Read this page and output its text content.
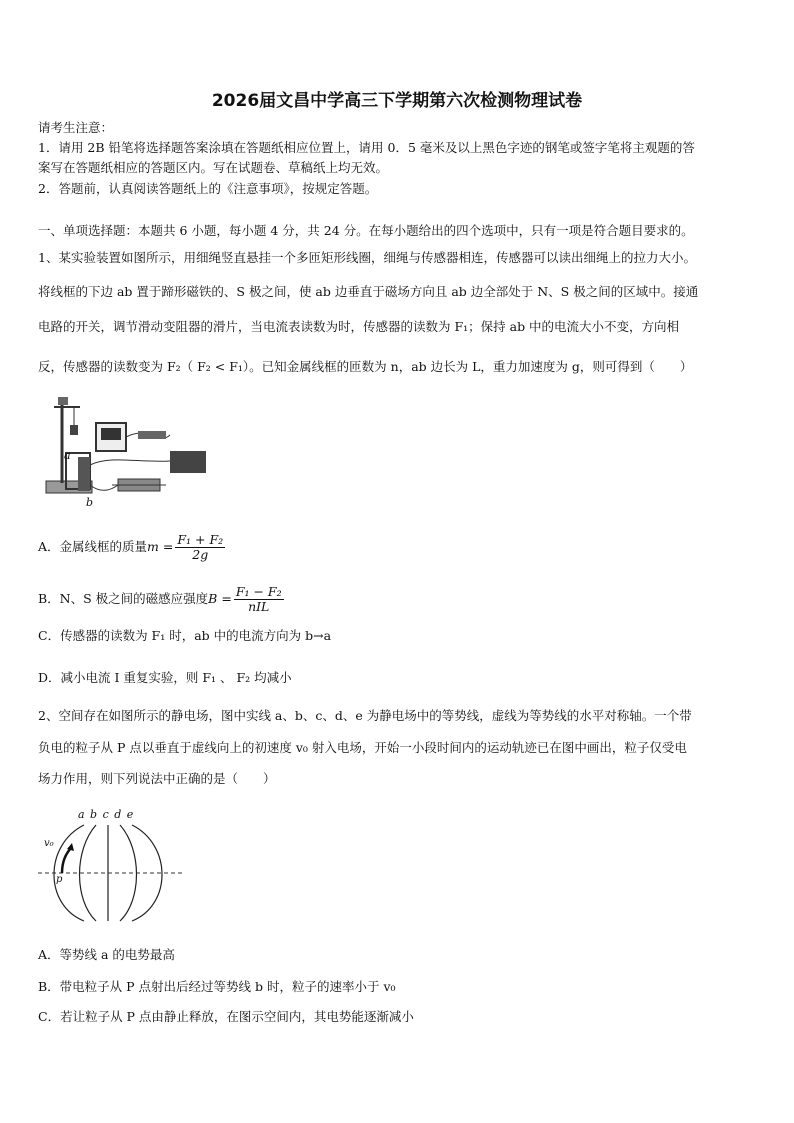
2026届文昌中学高三下学期第六次检测物理试卷
请考生注意：
1．请用 2B 铅笔将选择题答案涂填在答题纸相应位置上，请用 0．5 毫米及以上黑色字迹的钢笔或签字笔将主观题的答
案写在答题纸相应的答题区内。写在试题卷、草稿纸上均无效。
2．答题前，认真阅读答题纸上的《注意事项》，按规定答题。
一、单项选择题：本题共 6 小题，每小题 4 分，共 24 分。在每小题给出的四个选项中，只有一项是符合题目要求的。
1、某实验装置如图所示，用细绳竖直悬挂一个多匝矩形线圈，细绳与传感器相连，传感器可以读出细绳上的拉力大小。
将线框的下边 ab 置于蹄形磁铁的、S 极之间，使 ab 边垂直于磁场方向且 ab 边全部处于 N、S 极之间的区域中。接通
电路的开关，调节滑动变阻器的滑片，当电流表读数为时，传感器的读数为 F₁；保持 ab 中的电流大小不变，方向相
反，传感器的读数变为 F₂（ F₂ < F₁）。已知金属线框的匝数为 n，ab 边长为 L，重力加速度为 g，则可得到（　　）
a
b
A．金属线框的质量$m = \frac{\text{F₁ + F₂}}{2g}$
B．N、S 极之间的磁感应强度$B = \frac{\text{F₁ − F₂}}{\text{nIL}}$
C．传感器的读数为 F₁ 时，ab 中的电流方向为 b→a
D．减小电流 I 重复实验，则 F₁ 、 F₂ 均减小
2、空间存在如图所示的静电场，图中实线 a、b、c、d、e 为静电场中的等势线，虚线为等势线的水平对称轴。一个带
负电的粒子从 P 点以垂直于虚线向上的初速度 v₀ 射入电场，开始一小段时间内的运动轨迹已在图中画出，粒子仅受电
场力作用，则下列说法中正确的是（　　）
a b c d e
v₀
p
A．等势线 a 的电势最高
B．带电粒子从 P 点射出后经过等势线 b 时，粒子的速率小于 v₀
C．若让粒子从 P 点由静止释放，在图示空间内，其电势能逐渐减小
